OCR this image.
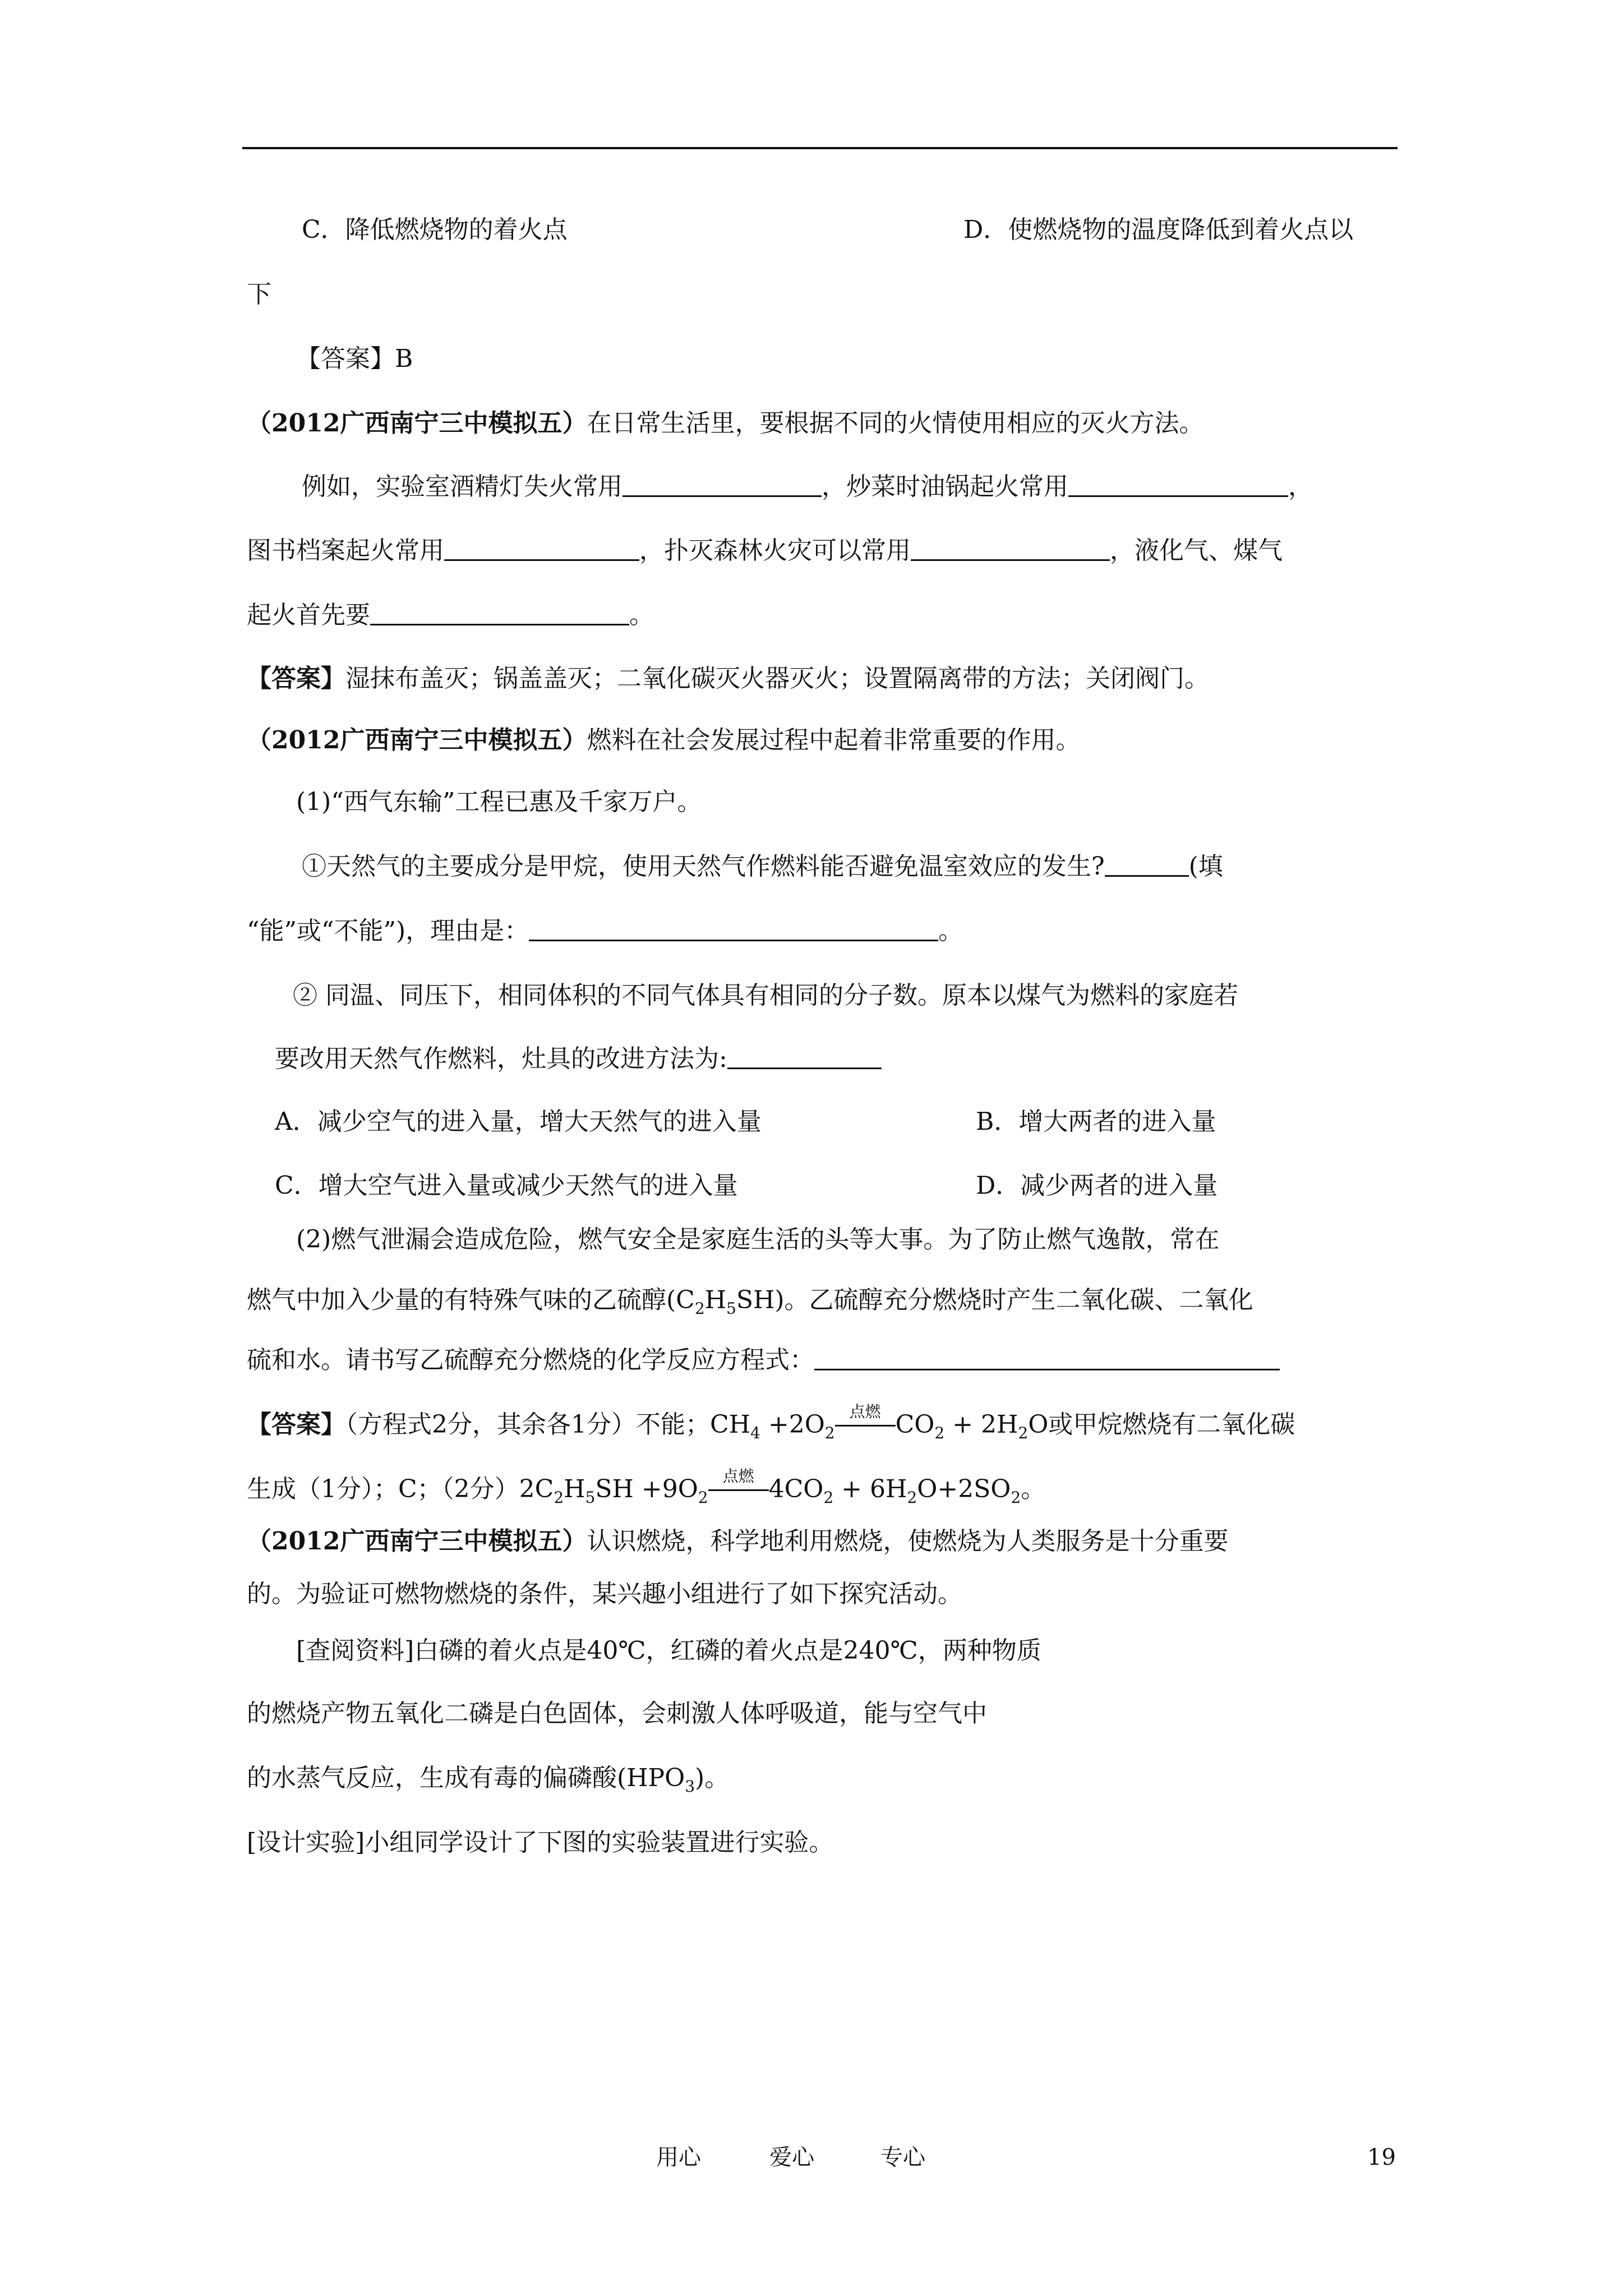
C．降低燃烧物的着火点	D．使燃烧物的温度降低到着火点以
下
【答案】B
（2012广西南宁三中模拟五）在日常生活里，要根据不同的火情使用相应的灭火方法。
例如，实验室酒精灯失火常用	，炒菜时油锅起火常用	，
图书档案起火常用	，扑灭森林火灾可以常用	，液化气、煤气
起火首先要	。
【答案】湿抹布盖灭；锅盖盖灭；二氧化碳灭火器灭火；设置隔离带的方法；关闭阀门。
（2012广西南宁三中模拟五）燃料在社会发展过程中起着非常重要的作用。
(1)“西气东输”工程已惠及千家万户。
①天然气的主要成分是甲烷，使用天然气作燃料能否避免温室效应的发生?	(填
“能”或“不能”)，理由是：	。
② 同温、同压下，相同体积的不同气体具有相同的分子数。原本以煤气为燃料的家庭若
要改用天然气作燃料，灶具的改进方法为:
A．减少空气的进入量，增大天然气的进入量	B．增大两者的进入量
C．增大空气进入量或减少天然气的进入量	D．减少两者的进入量
(2)燃气泄漏会造成危险，燃气安全是家庭生活的头等大事。为了防止燃气逸散，常在
燃气中加入少量的有特殊气味的乙硫醇$(C_2H_5SH)$。乙硫醇充分燃烧时产生二氧化碳、二氧化
硫和水。请书写乙硫醇充分燃烧的化学反应方程式：
【答案】（方程式2分，其余各1分）不能；$CH_4 +2O_2$
点燃 $CO_2 + 2H_2O$或甲烷燃烧有二氧化碳
生成（1分）；C；（2分）$2C_2H_5SH +9O_2$
点燃 $4CO_2 + 6H_2O+2SO_2$。
（2012广西南宁三中模拟五）认识燃烧，科学地利用燃烧，使燃烧为人类服务是十分重要
的。为验证可燃物燃烧的条件，某兴趣小组进行了如下探究活动。
[查阅资料]白磷的着火点是40℃，红磷的着火点是240℃，两种物质
的燃烧产物五氧化二磷是白色固体，会刺激人体呼吸道，能与空气中
的水蒸气反应，生成有毒的偏磷酸$(HPO_3)$。
[设计实验]小组同学设计了下图的实验装置进行实验。
用心	爱心	专心	19
